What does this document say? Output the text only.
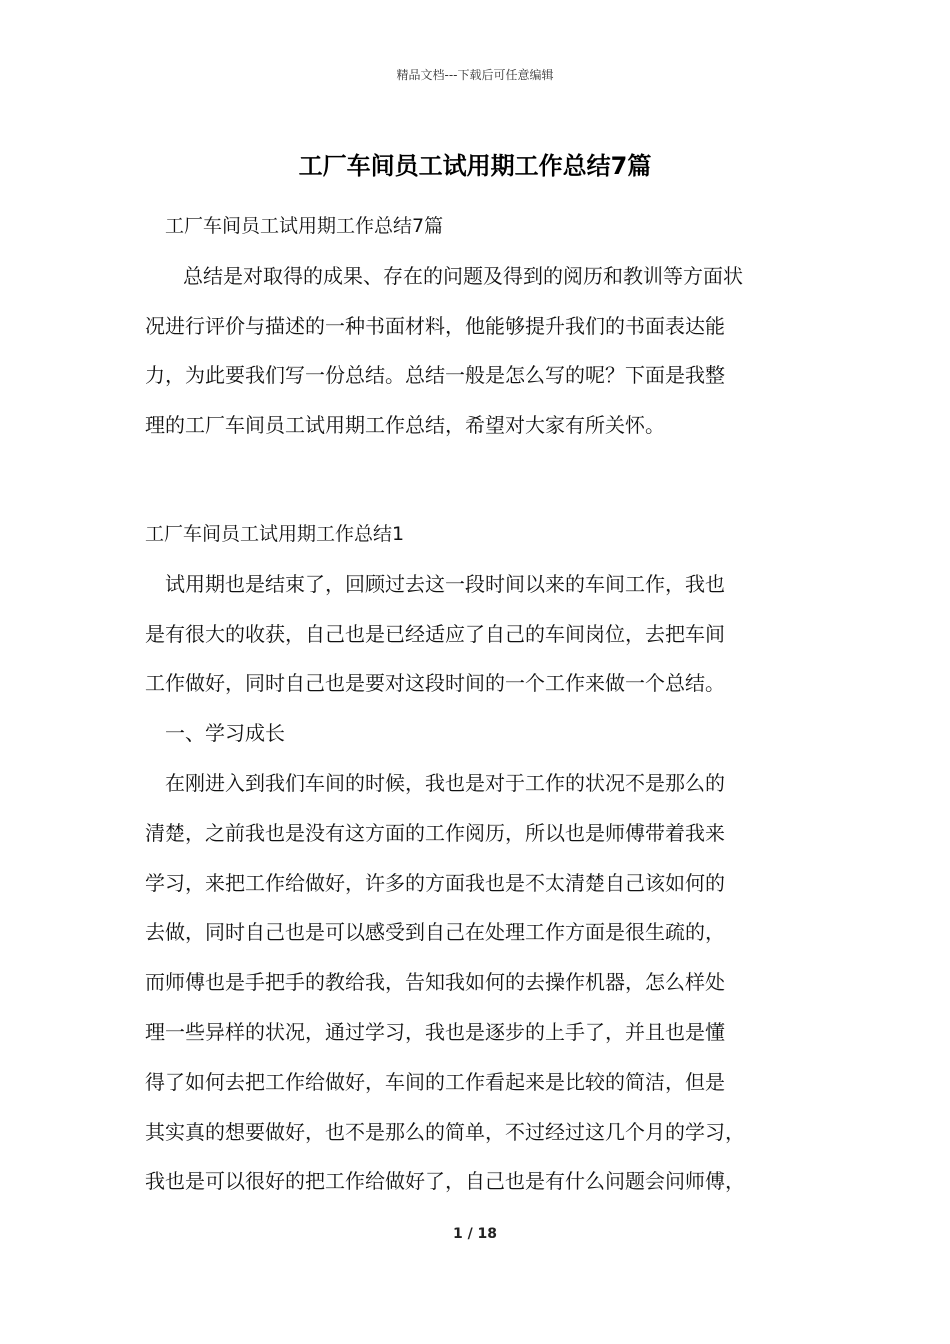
精品文档---下载后可任意编辑
工厂车间员工试用期工作总结7篇
工厂车间员工试用期工作总结7篇
总结是对取得的成果、存在的问题及得到的阅历和教训等方面状
况进行评价与描述的一种书面材料，他能够提升我们的书面表达能
力，为此要我们写一份总结。总结一般是怎么写的呢？下面是我整
理的工厂车间员工试用期工作总结，希望对大家有所关怀。
工厂车间员工试用期工作总结1
试用期也是结束了，回顾过去这一段时间以来的车间工作，我也
是有很大的收获，自己也是已经适应了自己的车间岗位，去把车间
工作做好，同时自己也是要对这段时间的一个工作来做一个总结。
一、学习成长
在刚进入到我们车间的时候，我也是对于工作的状况不是那么的
清楚，之前我也是没有这方面的工作阅历，所以也是师傅带着我来
学习，来把工作给做好，许多的方面我也是不太清楚自己该如何的
去做，同时自己也是可以感受到自己在处理工作方面是很生疏的，
而师傅也是手把手的教给我，告知我如何的去操作机器，怎么样处
理一些异样的状况，通过学习，我也是逐步的上手了，并且也是懂
得了如何去把工作给做好，车间的工作看起来是比较的简洁，但是
其实真的想要做好，也不是那么的简单，不过经过这几个月的学习，
我也是可以很好的把工作给做好了，自己也是有什么问题会问师傅，
1 / 18
